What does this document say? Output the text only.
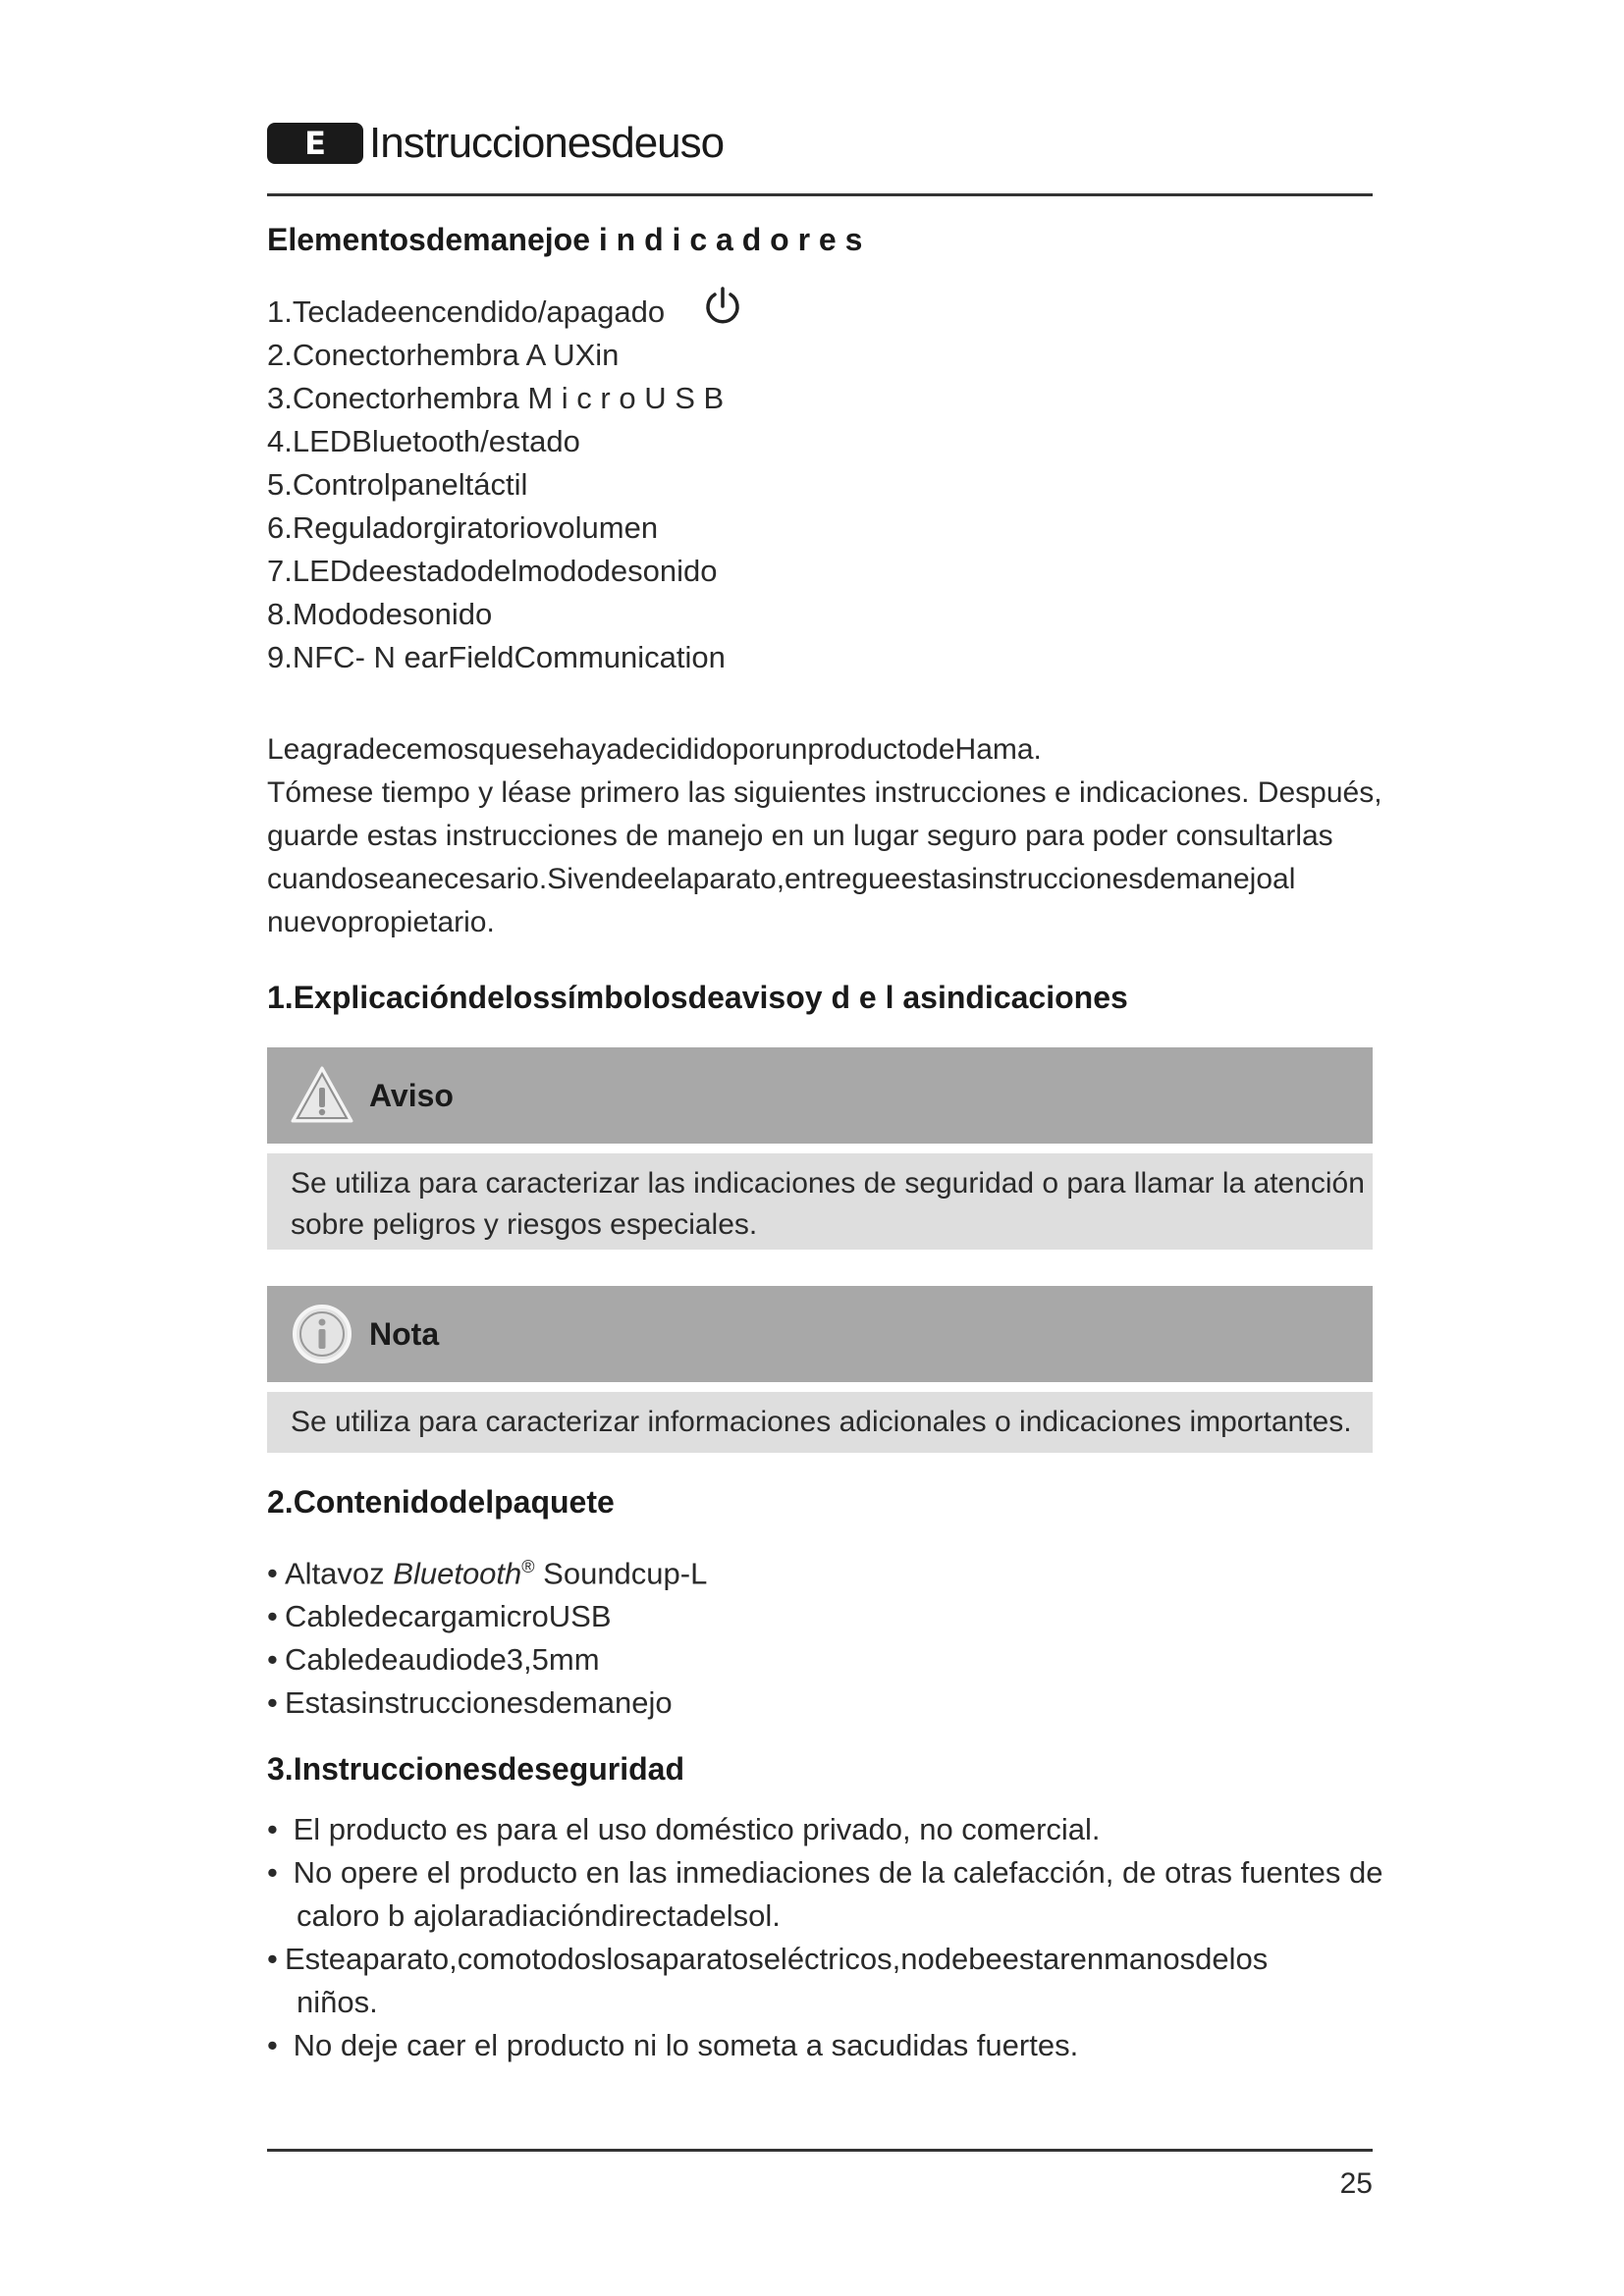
E	Instruccionesdeuso
Elementosdemanejoe i n d i c a d o r e s
1.Tecladeencendido/apagado
2.Conectorhembra A UXin
3.Conectorhembra M i c r o U S B
4.LEDBluetooth/estado
5.Controlpaneltáctil
6.Reguladorgiratoriovolumen
7.LEDdeestadodelmododesonido
8.Mododesonido
9.NFC- N earFieldCommunication

LeagradecemosquesehayadecididoporunproductodeHama.

Tómese tiempo y léase primero las siguientes instrucciones e indicaciones. Después,

guarde estas instrucciones de manejo en un lugar seguro para poder consultarlas

cuandoseanecesario.Sivendeelaparato,entregueestasinstruccionesdemanejoal

nuevopropietario.

1.Explicacióndelossímbolosdeavisoy d e l asindicaciones
Aviso

Se utiliza para caracterizar las indicaciones de seguridad o para llamar la atención

sobre peligros y riesgos especiales.

Nota

Se utiliza para caracterizar informaciones adicionales o indicaciones importantes.

2.Contenidodelpaquete
• Altavoz Bluetooth® Soundcup-L
• CabledecargamicroUSB
• Cabledeaudiode3,5mm
• Estasinstruccionesdemanejo
3.Instruccionesdeseguridad
• El producto es para el uso doméstico privado, no comercial.
• No opere el producto en las inmediaciones de la calefacción, de otras fuentes de
caloro b ajolaradiacióndirectadelsol.
• Esteaparato,comotodoslosaparatoseléctricos,nodebeestarenmanosdelos
niños.
• No deje caer el producto ni lo someta a sacudidas fuertes.
25
